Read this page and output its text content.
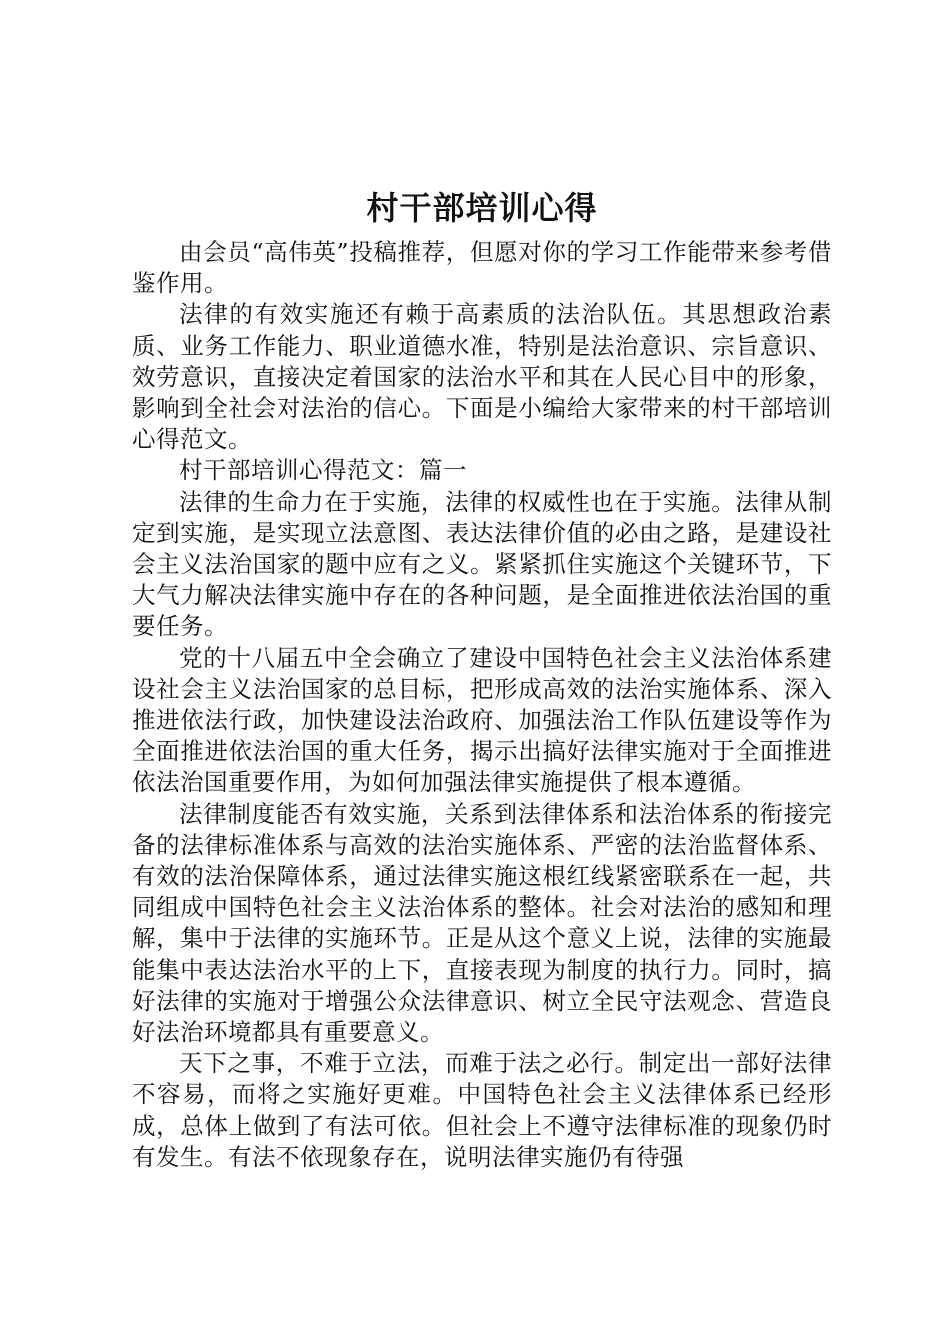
村干部培训心得

由会员“高伟英”投稿推荐，但愿对你的学习工作能带来参考借鉴作用。

法律的有效实施还有赖于高素质的法治队伍。其思想政治素质、业务工作能力、职业道德水准，特别是法治意识、宗旨意识、效劳意识，直接决定着国家的法治水平和其在人民心目中的形象，影响到全社会对法治的信心。下面是小编给大家带来的村干部培训心得范文。

村干部培训心得范文：篇一

法律的生命力在于实施，法律的权威性也在于实施。法律从制定到实施，是实现立法意图、表达法律价值的必由之路，是建设社会主义法治国家的题中应有之义。紧紧抓住实施这个关键环节，下大气力解决法律实施中存在的各种问题，是全面推进依法治国的重要任务。

党的十八届五中全会确立了建设中国特色社会主义法治体系建设社会主义法治国家的总目标，把形成高效的法治实施体系、深入推进依法行政，加快建设法治政府、加强法治工作队伍建设等作为全面推进依法治国的重大任务，揭示出搞好法律实施对于全面推进依法治国重要作用，为如何加强法律实施提供了根本遵循。

法律制度能否有效实施，关系到法律体系和法治体系的衔接完备的法律标准体系与高效的法治实施体系、严密的法治监督体系、有效的法治保障体系，通过法律实施这根红线紧密联系在一起，共同组成中国特色社会主义法治体系的整体。社会对法治的感知和理解，集中于法律的实施环节。正是从这个意义上说，法律的实施最能集中表达法治水平的上下，直接表现为制度的执行力。同时，搞好法律的实施对于增强公众法律意识、树立全民守法观念、营造良好法治环境都具有重要意义。

天下之事，不难于立法，而难于法之必行。制定出一部好法律不容易，而将之实施好更难。中国特色社会主义法律体系已经形成，总体上做到了有法可依。但社会上不遵守法律标准的现象仍时有发生。有法不依现象存在，说明法律实施仍有待强
